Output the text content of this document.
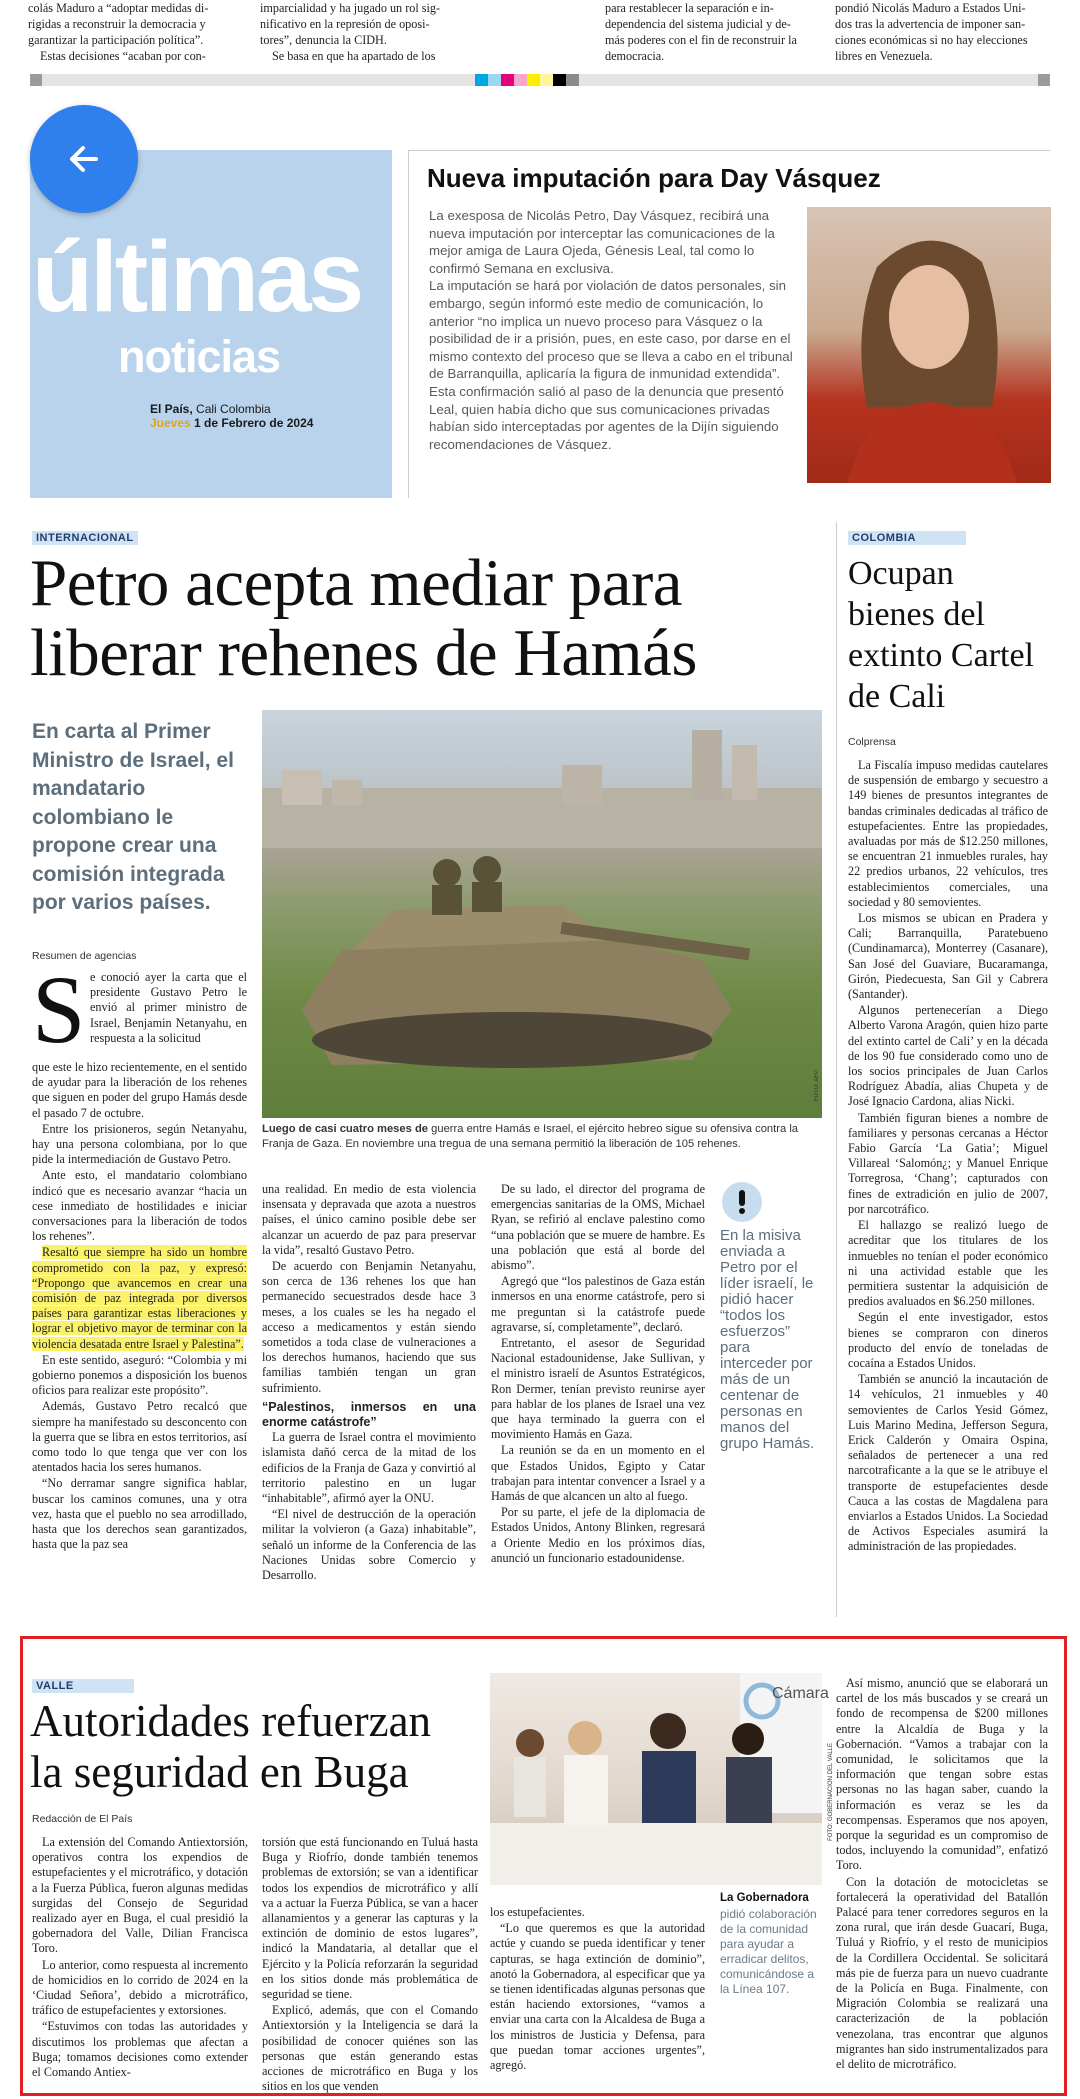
colás Maduro a “adoptar medidas di-
rigidas a reconstruir la democracia y
garantizar la participación política”.
Estas decisiones “acaban por con-
imparcialidad y ha jugado un rol sig-
nificativo en la represión de oposi-
tores”, denuncia la CIDH.
Se basa en que ha apartado de los
para restablecer la separación e in-
dependencia del sistema judicial y de-
más poderes con el fin de reconstruir la
democracia.
pondió Nicolás Maduro a Estados Uni-
dos tras la advertencia de imponer san-
ciones económicas si no hay elecciones
libres en Venezuela.
últimas
noticias
El País, Cali Colombia
Jueves 1 de Febrero de 2024
Nueva imputación para Day Vásquez

La exesposa de Nicolás Petro, Day Vásquez, recibirá una nueva imputación por interceptar las comunicaciones de la mejor amiga de Laura Ojeda, Génesis Leal, tal como lo confirmó Semana en exclusiva.

La imputación se hará por violación de datos personales, sin embargo, según informó este medio de comunicación, lo anterior “no implica un nuevo proceso para Vásquez o la posibilidad de ir a prisión, pues, en este caso, por darse en el mismo contexto del proceso que se lleva a cabo en el tribunal de Barranquilla, aplicaría la figura de inmunidad extendida”. Esta confirmación salió al paso de la denuncia que presentó Leal, quien había dicho que sus comunicaciones privadas habían sido interceptadas por agentes de la Dijín siguiendo recomendaciones de Vásquez.

INTERNACIONAL
Petro acepta mediar para
liberar rehenes de Hamás
En carta al Primer Ministro de Israel, el mandatario colombiano le propone crear una comisión integrada por varios países.
Resumen de agencias
FOTO: AFP
Luego de casi cuatro meses de guerra entre Hamás e Israel, el ejército hebreo sigue su ofensiva contra la Franja de Gaza. En noviembre una tregua de una semana permitió la liberación de 105 rehenes.
S e conoció ayer la carta que el presidente Gustavo Petro le envió al primer ministro de Israel, Benjamin Netanyahu, en respuesta a la solicitud

que este le hizo recientemente, en el sentido de ayudar para la liberación de los rehenes que siguen en poder del grupo Hamás desde el pasado 7 de octubre.

Entre los prisioneros, según Netanyahu, hay una persona colombiana, por lo que pide la intermediación de Gustavo Petro.

Ante esto, el mandatario colombiano indicó que es necesario avanzar “hacia un cese inmediato de hostilidades e iniciar conversaciones para la liberación de todos los rehenes”.

Resaltó que siempre ha sido un hombre comprometido con la paz, y expresó: “Propongo que avancemos en crear una comisión de paz integrada por diversos países para garantizar estas liberaciones y lograr el objetivo mayor de terminar con la violencia desatada entre Israel y Palestina”.

En este sentido, aseguró: “Colombia y mi gobierno ponemos a disposición los buenos oficios para realizar este propósito”.

Además, Gustavo Petro recalcó que siempre ha manifestado su desconcento con la guerra que se libra en estos territorios, así como todo lo que tenga que ver con los atentados hacia los seres humanos.

“No derramar sangre significa hablar, buscar los caminos comunes, una y otra vez, hasta que el pueblo no sea arrodillado, hasta que los derechos sean garantizados, hasta que la paz sea

una realidad. En medio de esta violencia insensata y depravada que azota a nuestros países, el único camino posible debe ser alcanzar un acuerdo de paz para preservar la vida”, resaltó Gustavo Petro.

De acuerdo con Benjamin Netanyahu, son cerca de 136 rehenes los que han permanecido secuestrados desde hace 3 meses, a los cuales se les ha negado el acceso a medicamentos y están siendo sometidos a toda clase de vulneraciones a los derechos humanos, haciendo que sus familias también tengan un gran sufrimiento.

“Palestinos, inmersos en una enorme catástrofe”

La guerra de Israel contra el movimiento islamista dañó cerca de la mitad de los edificios de la Franja de Gaza y convirtió al territorio palestino en un lugar “inhabitable”, afirmó ayer la ONU.

“El nivel de destrucción de la operación militar la volvieron (a Gaza) inhabitable”, señaló un informe de la Conferencia de las Naciones Unidas sobre Comercio y Desarrollo.

De su lado, el director del programa de emergencias sanitarias de la OMS, Michael Ryan, se refirió al enclave palestino como “una población que se muere de hambre. Es una población que está al borde del abismo”.

Agregó que “los palestinos de Gaza están inmersos en una enorme catástrofe, pero si me preguntan si la catástrofe puede agravarse, sí, completamente”, declaró.

Entretanto, el asesor de Seguridad Nacional estadounidense, Jake Sullivan, y el ministro israelí de Asuntos Estratégicos, Ron Dermer, tenían previsto reunirse ayer para hablar de los planes de Israel una vez que haya terminado la guerra con el movimiento Hamás en Gaza.

La reunión se da en un momento en el que Estados Unidos, Egipto y Catar trabajan para intentar convencer a Israel y a Hamás de que alcancen un alto al fuego.

Por su parte, el jefe de la diplomacia de Estados Unidos, Antony Blinken, regresará a Oriente Medio en los próximos días, anunció un funcionario estadounidense.

En la misiva enviada a Petro por el líder israelí, le pidió hacer “todos los esfuerzos” para interceder por más de un centenar de personas en manos del grupo Hamás.
COLOMBIA
Ocupan bienes del extinto Cartel de Cali
Colprensa

La Fiscalía impuso medidas cautelares de suspensión de embargo y secuestro a 149 bienes de presuntos integrantes de bandas criminales dedicadas al tráfico de estupefacientes. Entre las propiedades, avaluadas por más de $12.250 millones, se encuentran 21 inmuebles rurales, hay 22 predios urbanos, 22 vehículos, tres establecimientos comerciales, una sociedad y 80 semovientes.

Los mismos se ubican en Pradera y Cali; Barranquilla, Paratebueno (Cundinamarca), Monterrey (Casanare), San José del Guaviare, Bucaramanga, Girón, Piedecuesta, San Gil y Cabrera (Santander).

Algunos pertenecerían a Diego Alberto Varona Aragón, quien hizo parte del extinto cartel de Cali’ y en la década de los 90 fue considerado como uno de los socios principales de Juan Carlos Rodríguez Abadía, alias Chupeta y de José Ignacio Cardona, alias Nicki.

También figuran bienes a nombre de familiares y personas cercanas a Héctor Fabio García ‘La Gatia’; Miguel Villareal ‘Salomón¿; y Manuel Enrique Torregrosa, ‘Chang’; capturados con fines de extradición en julio de 2007, por narcotráfico.

El hallazgo se realizó luego de acreditar que los titulares de los inmuebles no tenían el poder económico ni una actividad estable que les permitiera sustentar la adquisición de predios avaluados en $6.250 millones.

Según el ente investigador, estos bienes se compraron con dineros producto del envío de toneladas de cocaína a Estados Unidos.

También se anunció la incautación de 14 vehículos, 21 inmuebles y 40 semovientes de Carlos Yesid Gómez, Luis Marino Medina, Jefferson Segura, Erick Calderón y Omaira Ospina, señalados de pertenecer a una red narcotraficante a la que se le atribuye el transporte de estupefacientes desde Cauca a las costas de Magdalena para enviarlos a Estados Unidos. La Sociedad de Activos Especiales asumirá la administración de las propiedades.

VALLE
Autoridades refuerzan
la seguridad en Buga
Redacción de El País

La extensión del Comando Antiextorsión, operativos contra los expendios de estupefacientes y el microtráfico, y dotación a la Fuerza Pública, fueron algunas medidas surgidas del Consejo de Seguridad realizado ayer en Buga, el cual presidió la gobernadora del Valle, Dilian Francisca Toro.

Lo anterior, como respuesta al incremento de homicidios en lo corrido de 2024 en la ‘Ciudad Señora’, debido a microtráfico, tráfico de estupefacientes y extorsiones.

“Estuvimos con todas las autoridades y discutimos los problemas que afectan a Buga; tomamos decisiones como extender el Comando Antiex-

torsión que está funcionando en Tuluá hasta Buga y Riofrío, donde también tenemos problemas de extorsión; se van a identificar todos los expendios de microtráfico y allí va a actuar la Fuerza Pública, se van a hacer allanamientos y a generar las capturas y la extinción de dominio de estos lugares”, indicó la Mandataria, al detallar que el Ejército y la Policía reforzarán la seguridad en los sitios donde más problemática de seguridad se tiene.

Explicó, además, que con el Comando Antiextorsión y la Inteligencia se dará la posibilidad de conocer quiénes son las personas que están generando estas acciones de microtráfico en Buga y los sitios en los que venden

Cámara
FOTO: GOBERNACIÓN DEL VALLE

los estupefacientes.

“Lo que queremos es que la autoridad actúe y cuando se pueda identificar y tener capturas, se haga extinción de dominio”, anotó la Gobernadora, al especificar que ya se tienen identificadas algunas personas que están haciendo extorsiones, “vamos a enviar una carta con la Alcaldesa de Buga a los ministros de Justicia y Defensa, para que puedan tomar acciones urgentes”, agregó.

La Gobernadora
pidió colaboración de la comunidad para ayudar a erradicar delitos, comunicándose a la Línea 107.

Así mismo, anunció que se elaborará un cartel de los más buscados y se creará un fondo de recompensa de $200 millones entre la Alcaldía de Buga y la Gobernación. “Vamos a trabajar con la comunidad, le solicitamos que la información que tengan sobre estas personas no las hagan saber, cuando la información es veraz se les da recompensas. Esperamos que nos apoyen, porque la seguridad es un compromiso de todos, incluyendo la comunidad”, enfatizó Toro.

Con la dotación de motocicletas se fortalecerá la operatividad del Batallón Palacé para tener corredores seguros en la zona rural, que irán desde Guacarí, Buga, Tuluá y Riofrío, y el resto de municipios de la Cordillera Occidental. Se solicitará más pie de fuerza para un nuevo cuadrante de la Policía en Buga. Finalmente, con Migración Colombia se realizará una caracterización de la población venezolana, tras encontrar que algunos migrantes han sido instrumentalizados para el delito de microtráfico.
